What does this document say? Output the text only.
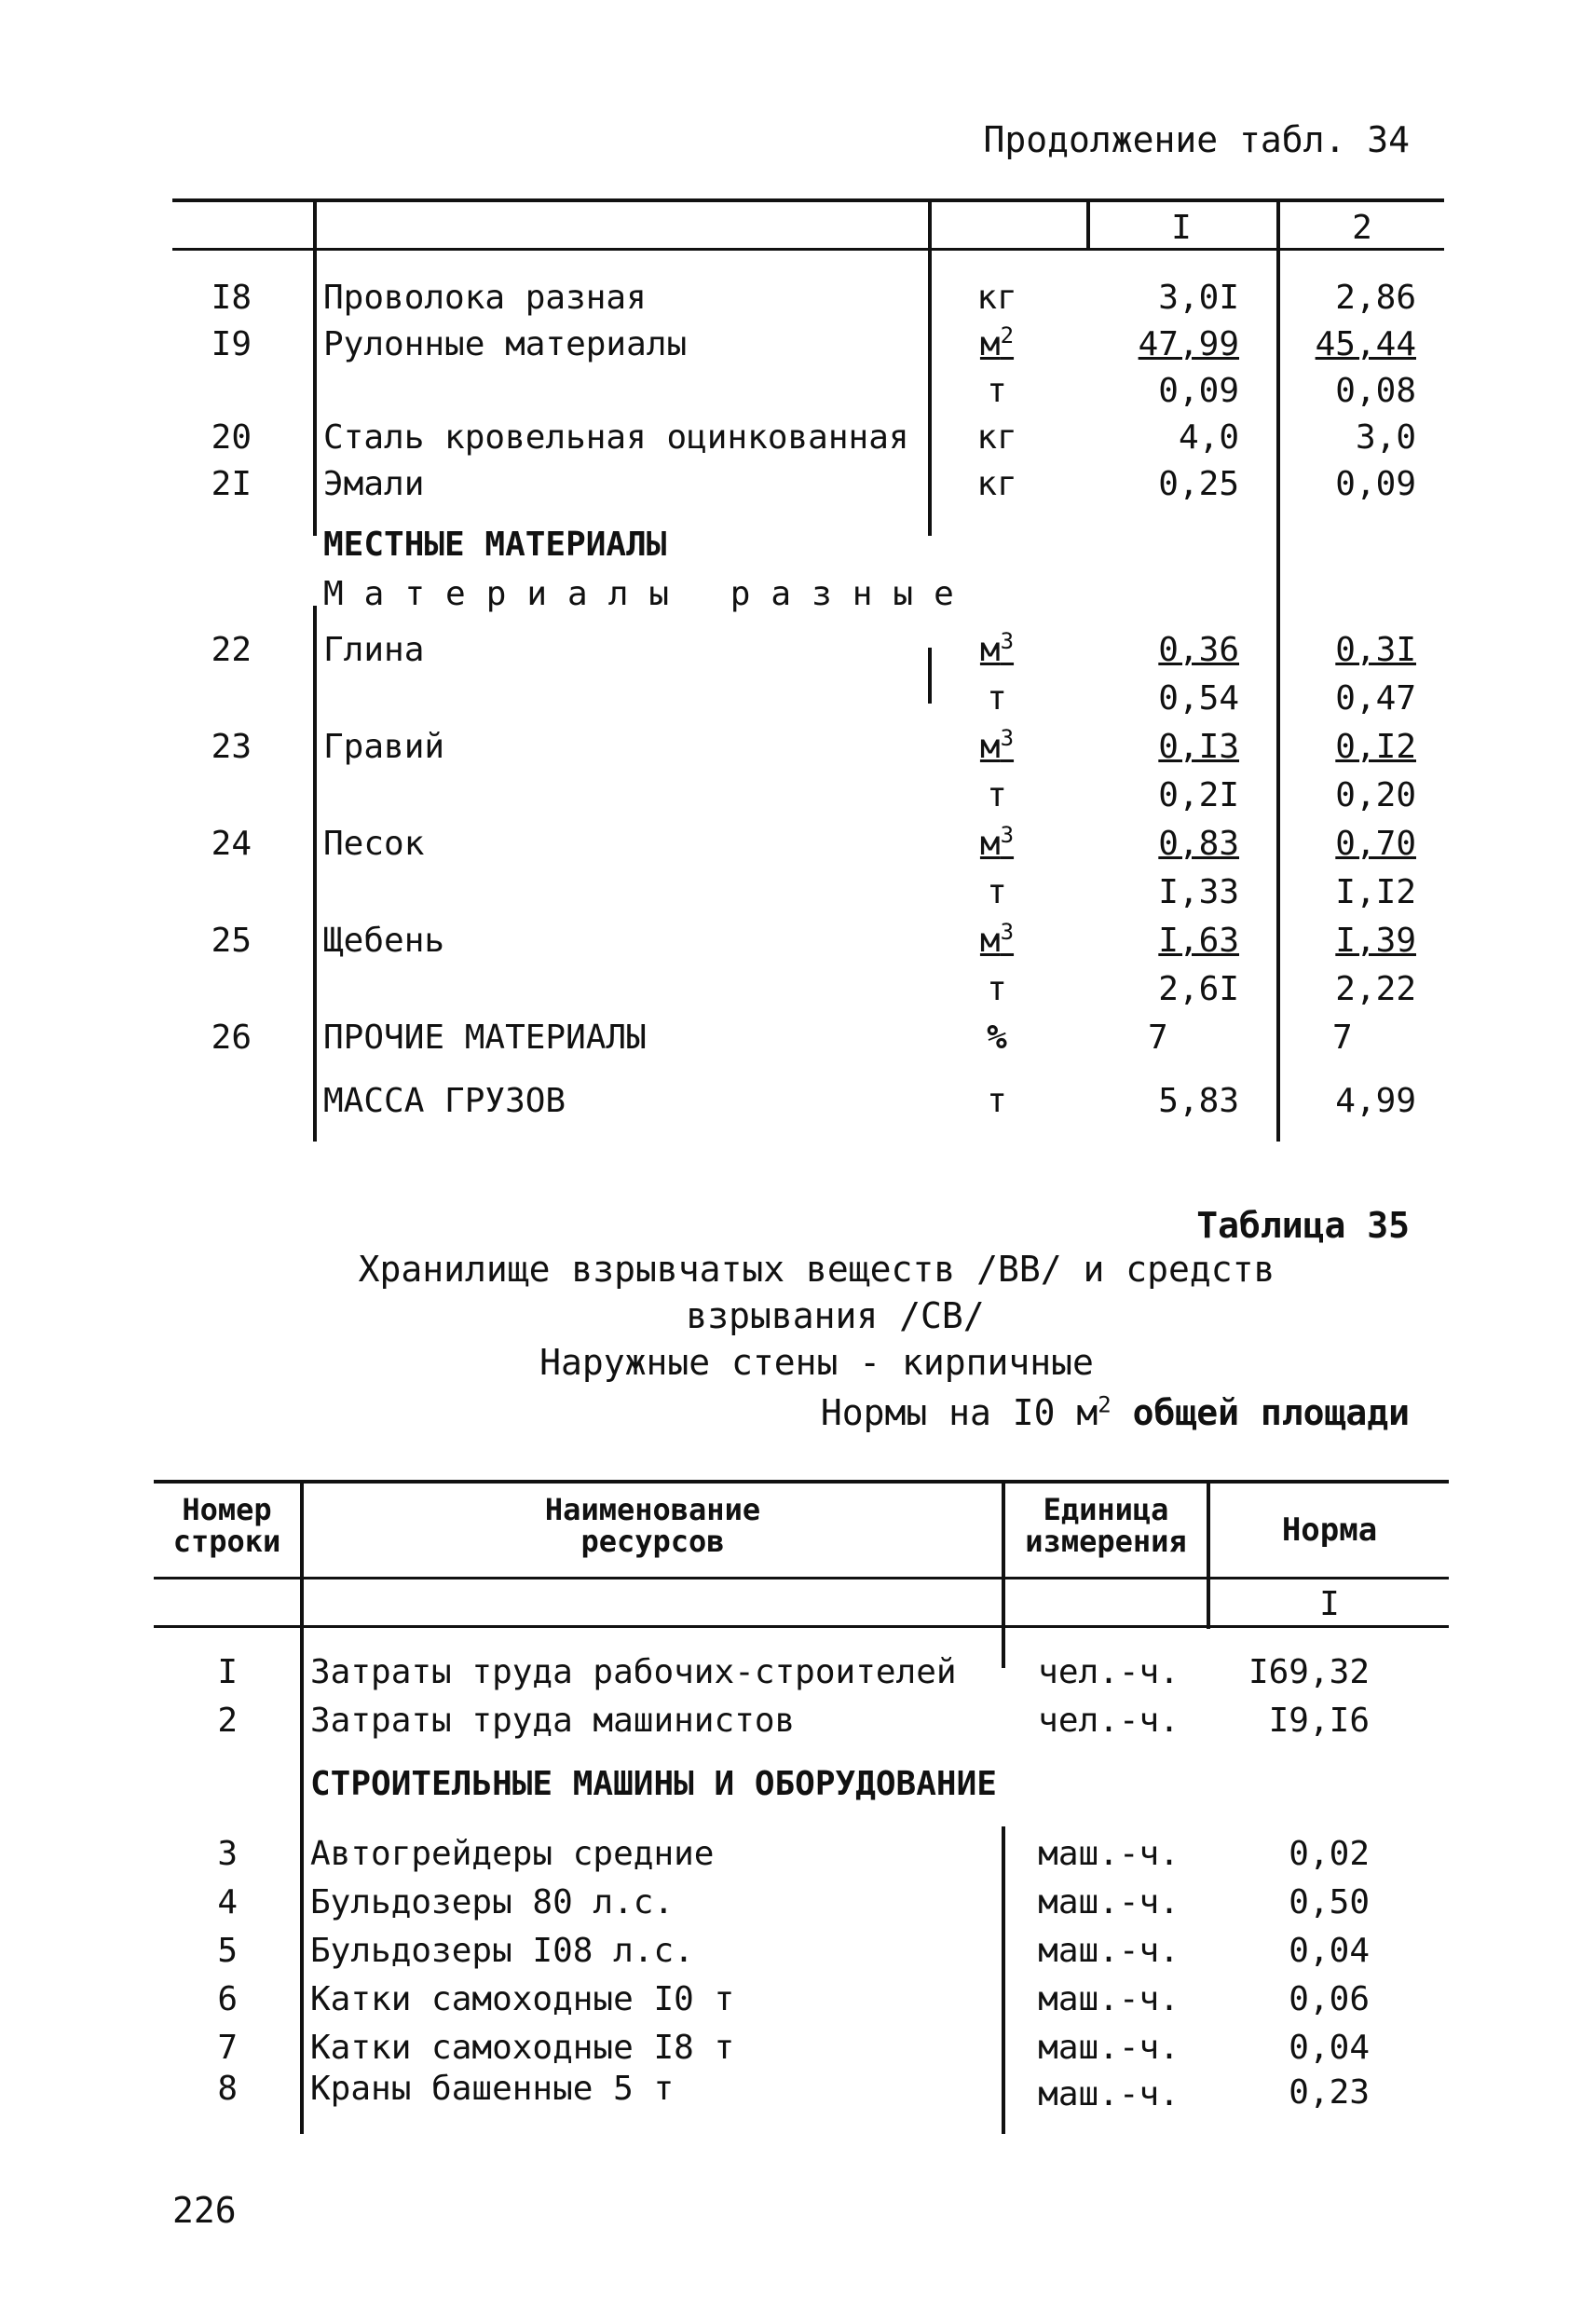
Продолжение табл. 34
I	2
I8 Проволока разная	кг	3,0I	2,86
I9 Рулонные материалы	$м^2$	47,99	45,44
т	0,09	0,08
20 Сталь кровельная оцинкованная	кг	4,0	3,0
2I Эмали	кг	0,25	0,09
МЕСТНЫЕ МАТЕРИАЛЫ
Материалы разные
22 Глина	$м^3$	0,36	0,3I
т	0,54	0,47
23 Гравий	$м^3$	0,I3	0,I2
т	0,2I	0,20
24 Песок	$м^3$	0,83	0,70
т	I,33	I,I2
25 Щебень	$м^3$	I,63	I,39
т	2,6I	2,22
26 ПРОЧИЕ МАТЕРИАЛЫ	%	7	7
МАССА ГРУЗОВ	т	5,83	4,99
Таблица 35
Хранилище взрывчатых веществ /ВВ/ и средств
взрывания /СВ/
Наружные стены - кирпичные
Нормы на I0 $м^2$ общей площади
Номер
строки
Наименование
ресурсов
Единица
измерения	Норма
I
I Затраты труда рабочих-строителей	чел.-ч.	I69,32
2 Затраты труда машинистов	чел.-ч.	I9,I6
СТРОИТЕЛЬНЫЕ МАШИНЫ И ОБОРУДОВАНИЕ
3 Автогрейдеры средние	маш.-ч.	0,02
4 Бульдозеры 80 л.с.	маш.-ч.	0,50
5 Бульдозеры I08 л.с.	маш.-ч.	0,04
6 Катки самоходные I0 т	маш.-ч.	0,06
7 Катки самоходные I8 т	маш.-ч.	0,04
8 Краны башенные 5 т	маш.-ч.	0,23
226
